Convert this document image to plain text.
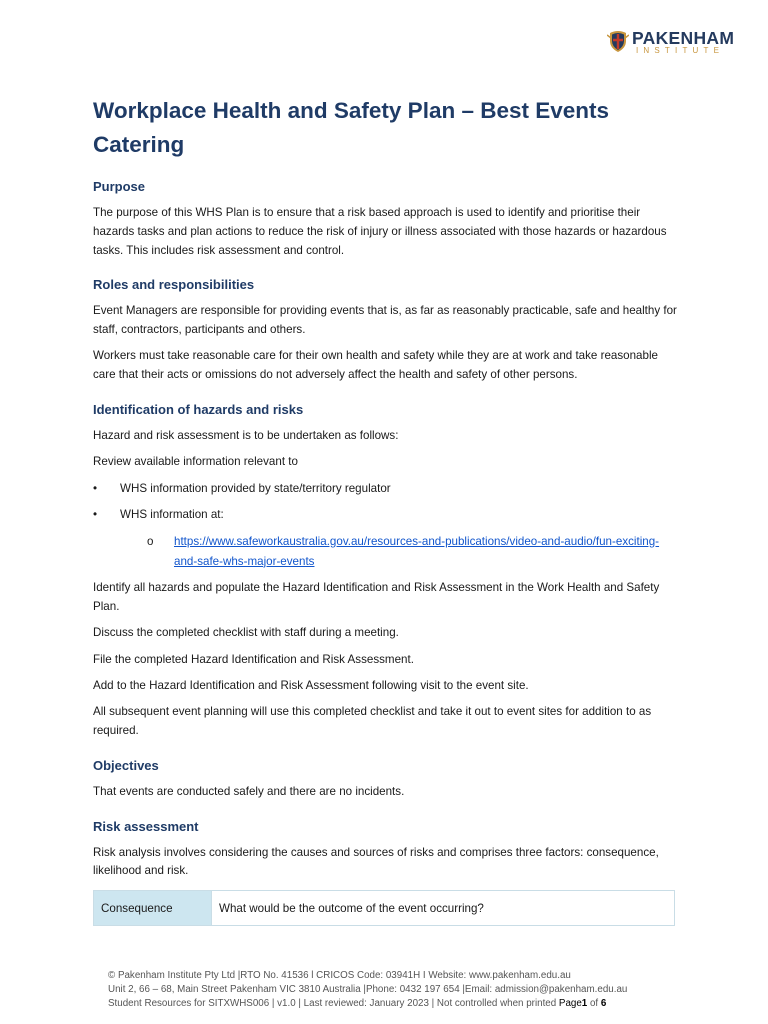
PAKENHAM
INSTITUTE
Workplace Health and Safety Plan – Best Events Catering
Purpose

The purpose of this WHS Plan is to ensure that a risk based approach is used to identify and prioritise their hazards tasks and plan actions to reduce the risk of injury or illness associated with those hazards or hazardous tasks. This includes risk assessment and control.

Roles and responsibilities

Event Managers are responsible for providing events that is, as far as reasonably practicable, safe and healthy for staff, contractors, participants and others.

Workers must take reasonable care for their own health and safety while they are at work and take reasonable care that their acts or omissions do not adversely affect the health and safety of other persons.

Identification of hazards and risks

Hazard and risk assessment is to be undertaken as follows:

Review available information relevant to

• WHS information provided by state/territory regulator
• WHS information at:
o https://www.safeworkaustralia.gov.au/resources-and-publications/video-and-audio/fun-exciting-and-safe-whs-major-events

Identify all hazards and populate the Hazard Identification and Risk Assessment in the Work Health and Safety Plan.

Discuss the completed checklist with staff during a meeting.

File the completed Hazard Identification and Risk Assessment.

Add to the Hazard Identification and Risk Assessment following visit to the event site.

All subsequent event planning will use this completed checklist and take it out to event sites for addition to as required.

Objectives

That events are conducted safely and there are no incidents.

Risk assessment

Risk analysis involves considering the causes and sources of risks and comprises three factors: consequence, likelihood and risk.

Consequence	What would be the outcome of the event occurring?
© Pakenham Institute Pty Ltd |RTO No. 41536 l CRICOS Code: 03941H I Website: www.pakenham.edu.au
Unit 2, 66 – 68, Main Street Pakenham VIC 3810 Australia |Phone: 0432 197 654 |Email: admission@pakenham.edu.au
Student Resources for SITXWHS006 | v1.0 | Last reviewed: January 2023 | Not controlled when printed Page1 of 6
